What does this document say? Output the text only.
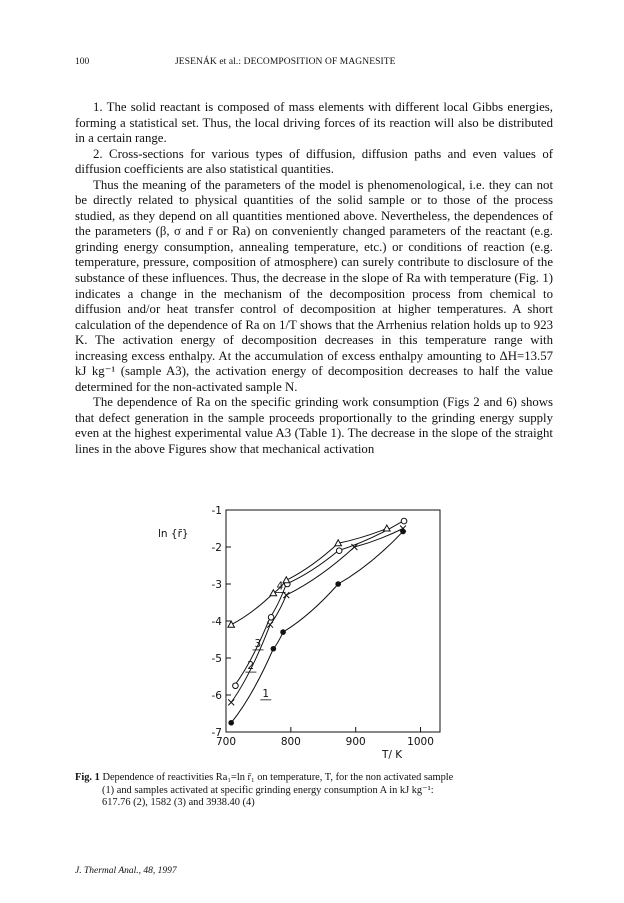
100	JESENÁK et al.: DECOMPOSITION OF MAGNESITE

1. The solid reactant is composed of mass elements with different local Gibbs energies, forming a statistical set. Thus, the local driving forces of its reaction will also be distributed in a certain range.

2. Cross-sections for various types of diffusion, diffusion paths and even values of diffusion coefficients are also statistical quantities.

Thus the meaning of the parameters of the model is phenomenological, i.e. they can not be directly related to physical quantities of the solid sample or to those of the process studied, as they depend on all quantities mentioned above. Nevertheless, the dependences of the parameters (β, σ and r̄ or Ra) on conveniently changed parameters of the reactant (e.g. grinding energy consumption, annealing temperature, etc.) or conditions of reaction (e.g. temperature, pressure, composition of atmosphere) can surely contribute to disclosure of the substance of these influences. Thus, the decrease in the slope of Ra with temperature (Fig. 1) indicates a change in the mechanism of the decomposition process from chemical to diffusion and/or heat transfer control of decomposition at higher temperatures. A short calculation of the dependence of Ra on 1/T shows that the Arrhenius relation holds up to 923 K. The activation energy of decomposition decreases in this temperature range with increasing excess enthalpy. At the accumulation of excess enthalpy amounting to ΔH=13.57 kJ kg⁻¹ (sample A3), the activation energy of decomposition decreases to half the value determined for the non-activated sample N.

The dependence of Ra on the specific grinding work consumption (Figs 2 and 6) shows that defect generation in the sample proceeds proportionally to the grinding energy supply even at the highest experimental value A3 (Table 1). The decrease in the slope of the straight lines in the above Figures show that mechanical activation

-1
-2
-3
-4
-5
-6
-7
700	800	900	1000
1
2
3
4
ln {r̄}
T/ K
Fig. 1 Dependence of reactivities Ra₁=ln r̄₁ on temperature, T, for the non activated sample
(1) and samples activated at specific grinding energy consumption A in kJ kg⁻¹:
617.76 (2), 1582 (3) and 3938.40 (4)
J. Thermal Anal., 48, 1997
